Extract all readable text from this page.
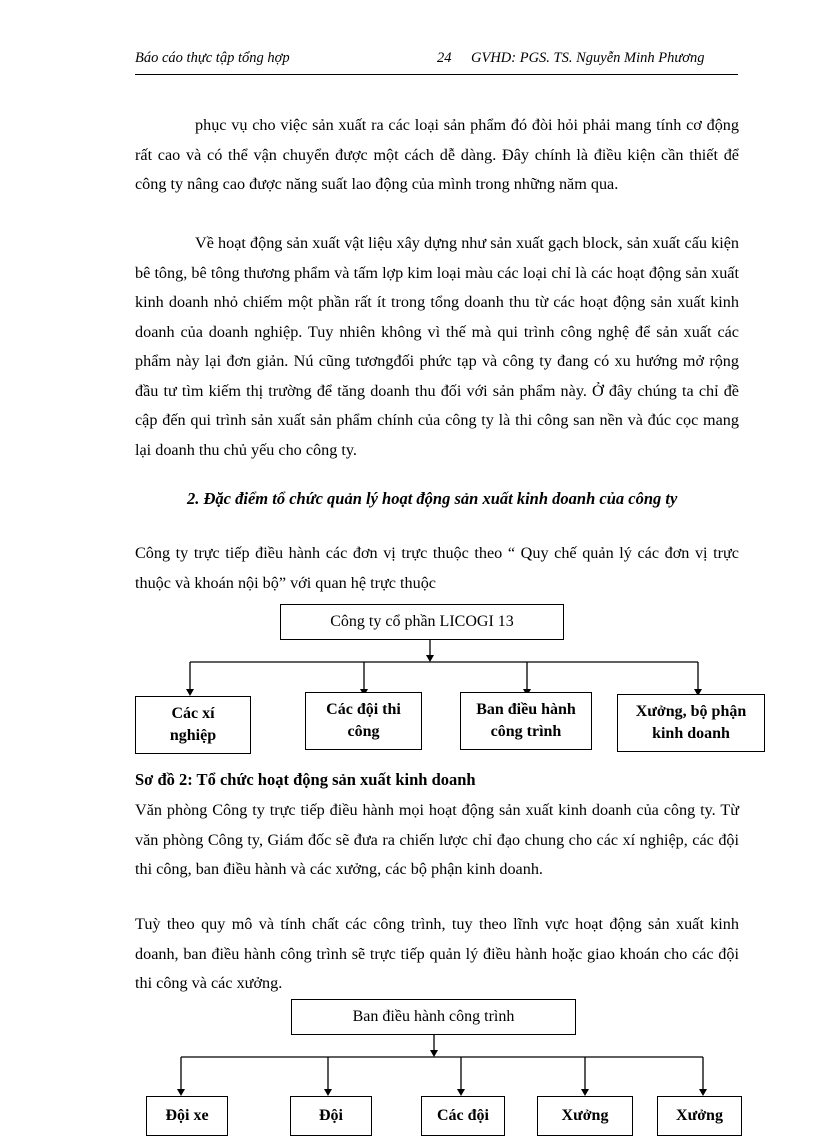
Báo cáo thực tập tổng hợp	24 GVHD: PGS. TS. Nguyễn Minh Phương

phục vụ cho việc sản xuất ra các loại sản phẩm đó đòi hỏi phải mang tính cơ động rất cao và có thể vận chuyển được một cách dễ dàng. Đây chính là điều kiện cần thiết để công ty nâng cao được năng suất lao động của mình trong những năm qua.

Về hoạt động sản xuất vật liệu xây dựng như sản xuất gạch block, sản xuất cấu kiện bê tông, bê tông thương phẩm và tấm lợp kim loại màu các loại chỉ là các hoạt động sản xuất kinh doanh nhỏ chiếm một phần rất ít trong tổng doanh thu từ các hoạt động sản xuất kinh doanh của doanh nghiệp. Tuy nhiên không vì thế mà qui trình công nghệ để sản xuất các phẩm này lại đơn giản. Nú cũng tươngđối phức tạp và công ty đang có xu hướng mở rộng đầu tư tìm kiếm thị trường để tăng doanh thu đối với sản phẩm này. Ở đây chúng ta chỉ đề cập đến qui trình sản xuất sản phẩm chính của công ty là thi công san nền và đúc cọc mang lại doanh thu chủ yếu cho công ty.

2. Đặc điểm tổ chức quản lý hoạt động sản xuất kinh doanh của công ty

Công ty trực tiếp điều hành các đơn vị trực thuộc theo “ Quy chế quản lý các đơn vị trực thuộc và khoán nội bộ” với quan hệ trực thuộc

Công ty cổ phần LICOGI 13
Các xí nghiệp
Các đội thi công
Ban điều hành công trình
Xưởng, bộ phận kinh doanh
Sơ đồ 2: Tổ chức hoạt động sản xuất kinh doanh

Văn phòng Công ty trực tiếp điều hành mọi hoạt động sản xuất kinh doanh của công ty. Từ văn phòng Công ty, Giám đốc sẽ đưa ra chiến lược chỉ đạo chung cho các xí nghiệp, các đội thi công, ban điều hành và các xưởng, các bộ phận kinh doanh.

Tuỳ theo quy mô và tính chất các công trình, tuy theo lĩnh vực hoạt động sản xuất kinh doanh, ban điều hành công trình sẽ trực tiếp quản lý điều hành hoặc giao khoán cho các đội thi công và các xưởng.

Ban điều hành công trình
Đội xe	Đội	Các đội	Xưởng	Xưởng
